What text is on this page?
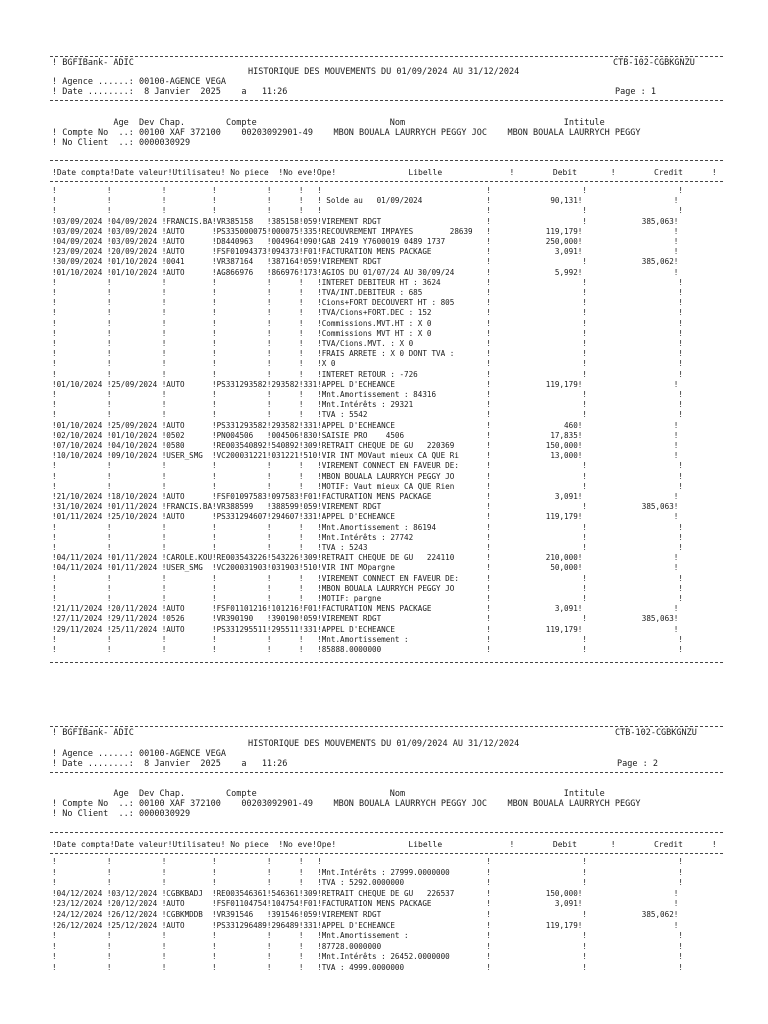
! BGFIBank- ADIC	CTB-102-CGBKGNZU
HISTORIQUE DES MOUVEMENTS DU 01/09/2024 AU 31/12/2024
! Agence ......: 00100-AGENCE VEGA
! Date ........:  8 Janvier  2025    a   11:26	Page : 1
Age  Dev Chap.        Compte                          Nom                               Intitule
! Compte No  ..: 00100 XAF 372100    00203092901-49    MBON BOUALA LAURRYCH PEGGY JOC    MBON BOUALA LAURRYCH PEGGY
! No Client  ..: 0000030929
!Date compta!Date valeur!Utilisateu! No piece  !No eve!Ope!               Libelle              !        Debit       !        Credit      !
!           !           !          !           !      !   !                                    !                    !                    !
!           !           !          !           !      !   ! Solde au   01/09/2024              !             90,131!                    !
!           !           !          !           !      !   !                                    !                    !                    !
!03/09/2024 !04/09/2024 !FRANCIS.BA!VR385158   !385158!059!VIREMENT RDGT                       !                    !            385,063!
!03/09/2024 !03/09/2024 !AUTO      !PS335000075!000075!335!RECOUVREMENT IMPAYES        28639   !            119,179!                    !
!04/09/2024 !03/09/2024 !AUTO      !D8440963   !004964!090!GAB 2419 Y7600019 0489 1737         !            250,000!                    !
!23/09/2024 !20/09/2024 !AUTO      !FSF01094373!094373!F01!FACTURATION MENS PACKAGE            !              3,091!                    !
!30/09/2024 !01/10/2024 !0041      !VR387164   !387164!059!VIREMENT RDGT                       !                    !            385,062!
!01/10/2024 !01/10/2024 !AUTO      !AG866976   !866976!173!AGIOS DU 01/07/24 AU 30/09/24       !              5,992!                    !
!           !           !          !           !      !   !INTERET DEBITEUR HT : 3624          !                    !                    !
!           !           !          !           !      !   !TVA/INT.DEBITEUR : 685              !                    !                    !
!           !           !          !           !      !   !Cions+FORT DECOUVERT HT : 805       !                    !                    !
!           !           !          !           !      !   !TVA/Cions+FORT.DEC : 152            !                    !                    !
!           !           !          !           !      !   !Commissions.MVT.HT : X 0            !                    !                    !
!           !           !          !           !      !   !Commissions MVT HT : X 0            !                    !                    !
!           !           !          !           !      !   !TVA/Cions.MVT. : X 0                !                    !                    !
!           !           !          !           !      !   !FRAIS ARRETE : X 0 DONT TVA :       !                    !                    !
!           !           !          !           !      !   !X 0                                 !                    !                    !
!           !           !          !           !      !   !INTERET RETOUR : -726               !                    !                    !
!01/10/2024 !25/09/2024 !AUTO      !PS331293582!293582!331!APPEL D'ECHEANCE                    !            119,179!                    !
!           !           !          !           !      !   !Mnt.Amortissement : 84316           !                    !                    !
!           !           !          !           !      !   !Mnt.Intérêts : 29321                !                    !                    !
!           !           !          !           !      !   !TVA : 5542                          !                    !                    !
!01/10/2024 !25/09/2024 !AUTO      !PS331293582!293582!331!APPEL D'ECHEANCE                    !                460!                    !
!02/10/2024 !01/10/2024 !0502      !PN004506   !004506!830!SAISIE PRO    4506                  !             17,835!                    !
!07/10/2024 !04/10/2024 !0580      !RE003540892!540892!309!RETRAIT CHEQUE DE GU   220369       !            150,000!                    !
!10/10/2024 !09/10/2024 !USER_SMG  !VC200031221!031221!510!VIR INT MOVaut mieux CA QUE Ri      !             13,000!                    !
!           !           !          !           !      !   !VIREMENT CONNECT EN FAVEUR DE:      !                    !                    !
!           !           !          !           !      !   !MBON BOUALA LAURRYCH PEGGY JO       !                    !                    !
!           !           !          !           !      !   !MOTIF: Vaut mieux CA QUE Rien       !                    !                    !
!21/10/2024 !18/10/2024 !AUTO      !FSF01097583!097583!F01!FACTURATION MENS PACKAGE            !              3,091!                    !
!31/10/2024 !01/11/2024 !FRANCIS.BA!VR388599   !388599!059!VIREMENT RDGT                       !                    !            385,063!
!01/11/2024 !25/10/2024 !AUTO      !PS331294607!294607!331!APPEL D'ECHEANCE                    !            119,179!                    !
!           !           !          !           !      !   !Mnt.Amortissement : 86194           !                    !                    !
!           !           !          !           !      !   !Mnt.Intérêts : 27742                !                    !                    !
!           !           !          !           !      !   !TVA : 5243                          !                    !                    !
!04/11/2024 !01/11/2024 !CAROLE.KOU!RE003543226!543226!309!RETRAIT CHEQUE DE GU   224110       !            210,000!                    !
!04/11/2024 !01/11/2024 !USER_SMG  !VC200031903!031903!510!VIR INT MOpargne                    !             50,000!                    !
!           !           !          !           !      !   !VIREMENT CONNECT EN FAVEUR DE:      !                    !                    !
!           !           !          !           !      !   !MBON BOUALA LAURRYCH PEGGY JO       !                    !                    !
!           !           !          !           !      !   !MOTIF: pargne                       !                    !                    !
!21/11/2024 !20/11/2024 !AUTO      !FSF01101216!101216!F01!FACTURATION MENS PACKAGE            !              3,091!                    !
!27/11/2024 !29/11/2024 !0526      !VR390190   !390190!059!VIREMENT RDGT                       !                    !            385,063!
!29/11/2024 !25/11/2024 !AUTO      !PS331295511!295511!331!APPEL D'ECHEANCE                    !            119,179!                    !
!           !           !          !           !      !   !Mnt.Amortissement :                 !                    !                    !
!           !           !          !           !      !   !85888.0000000                       !                    !                    !
! BGFIBank- ADIC	CTB-102-CGBKGNZU
HISTORIQUE DES MOUVEMENTS DU 01/09/2024 AU 31/12/2024
! Agence ......: 00100-AGENCE VEGA
! Date ........:  8 Janvier  2025    a   11:26	Page : 2
Age  Dev Chap.        Compte                          Nom                               Intitule
! Compte No  ..: 00100 XAF 372100    00203092901-49    MBON BOUALA LAURRYCH PEGGY JOC    MBON BOUALA LAURRYCH PEGGY
! No Client  ..: 0000030929
!Date compta!Date valeur!Utilisateu! No piece  !No eve!Ope!               Libelle              !        Debit       !        Credit      !
!           !           !          !           !      !   !                                    !                    !                    !
!           !           !          !           !      !   !Mnt.Intérêts : 27999.0000000        !                    !                    !
!           !           !          !           !      !   !TVA : 5292.0000000                  !                    !                    !
!04/12/2024 !03/12/2024 !CGBKBADJ  !RE003546361!546361!309!RETRAIT CHEQUE DE GU   226537       !            150,000!                    !
!23/12/2024 !20/12/2024 !AUTO      !FSF01104754!104754!F01!FACTURATION MENS PACKAGE            !              3,091!                    !
!24/12/2024 !26/12/2024 !CGBKMDDB  !VR391546   !391546!059!VIREMENT RDGT                       !                    !            385,062!
!26/12/2024 !25/12/2024 !AUTO      !PS331296489!296489!331!APPEL D'ECHEANCE                    !            119,179!                    !
!           !           !          !           !      !   !Mnt.Amortissement :                 !                    !                    !
!           !           !          !           !      !   !87728.0000000                       !                    !                    !
!           !           !          !           !      !   !Mnt.Intérêts : 26452.0000000        !                    !                    !
!           !           !          !           !      !   !TVA : 4999.0000000                  !                    !                    !
